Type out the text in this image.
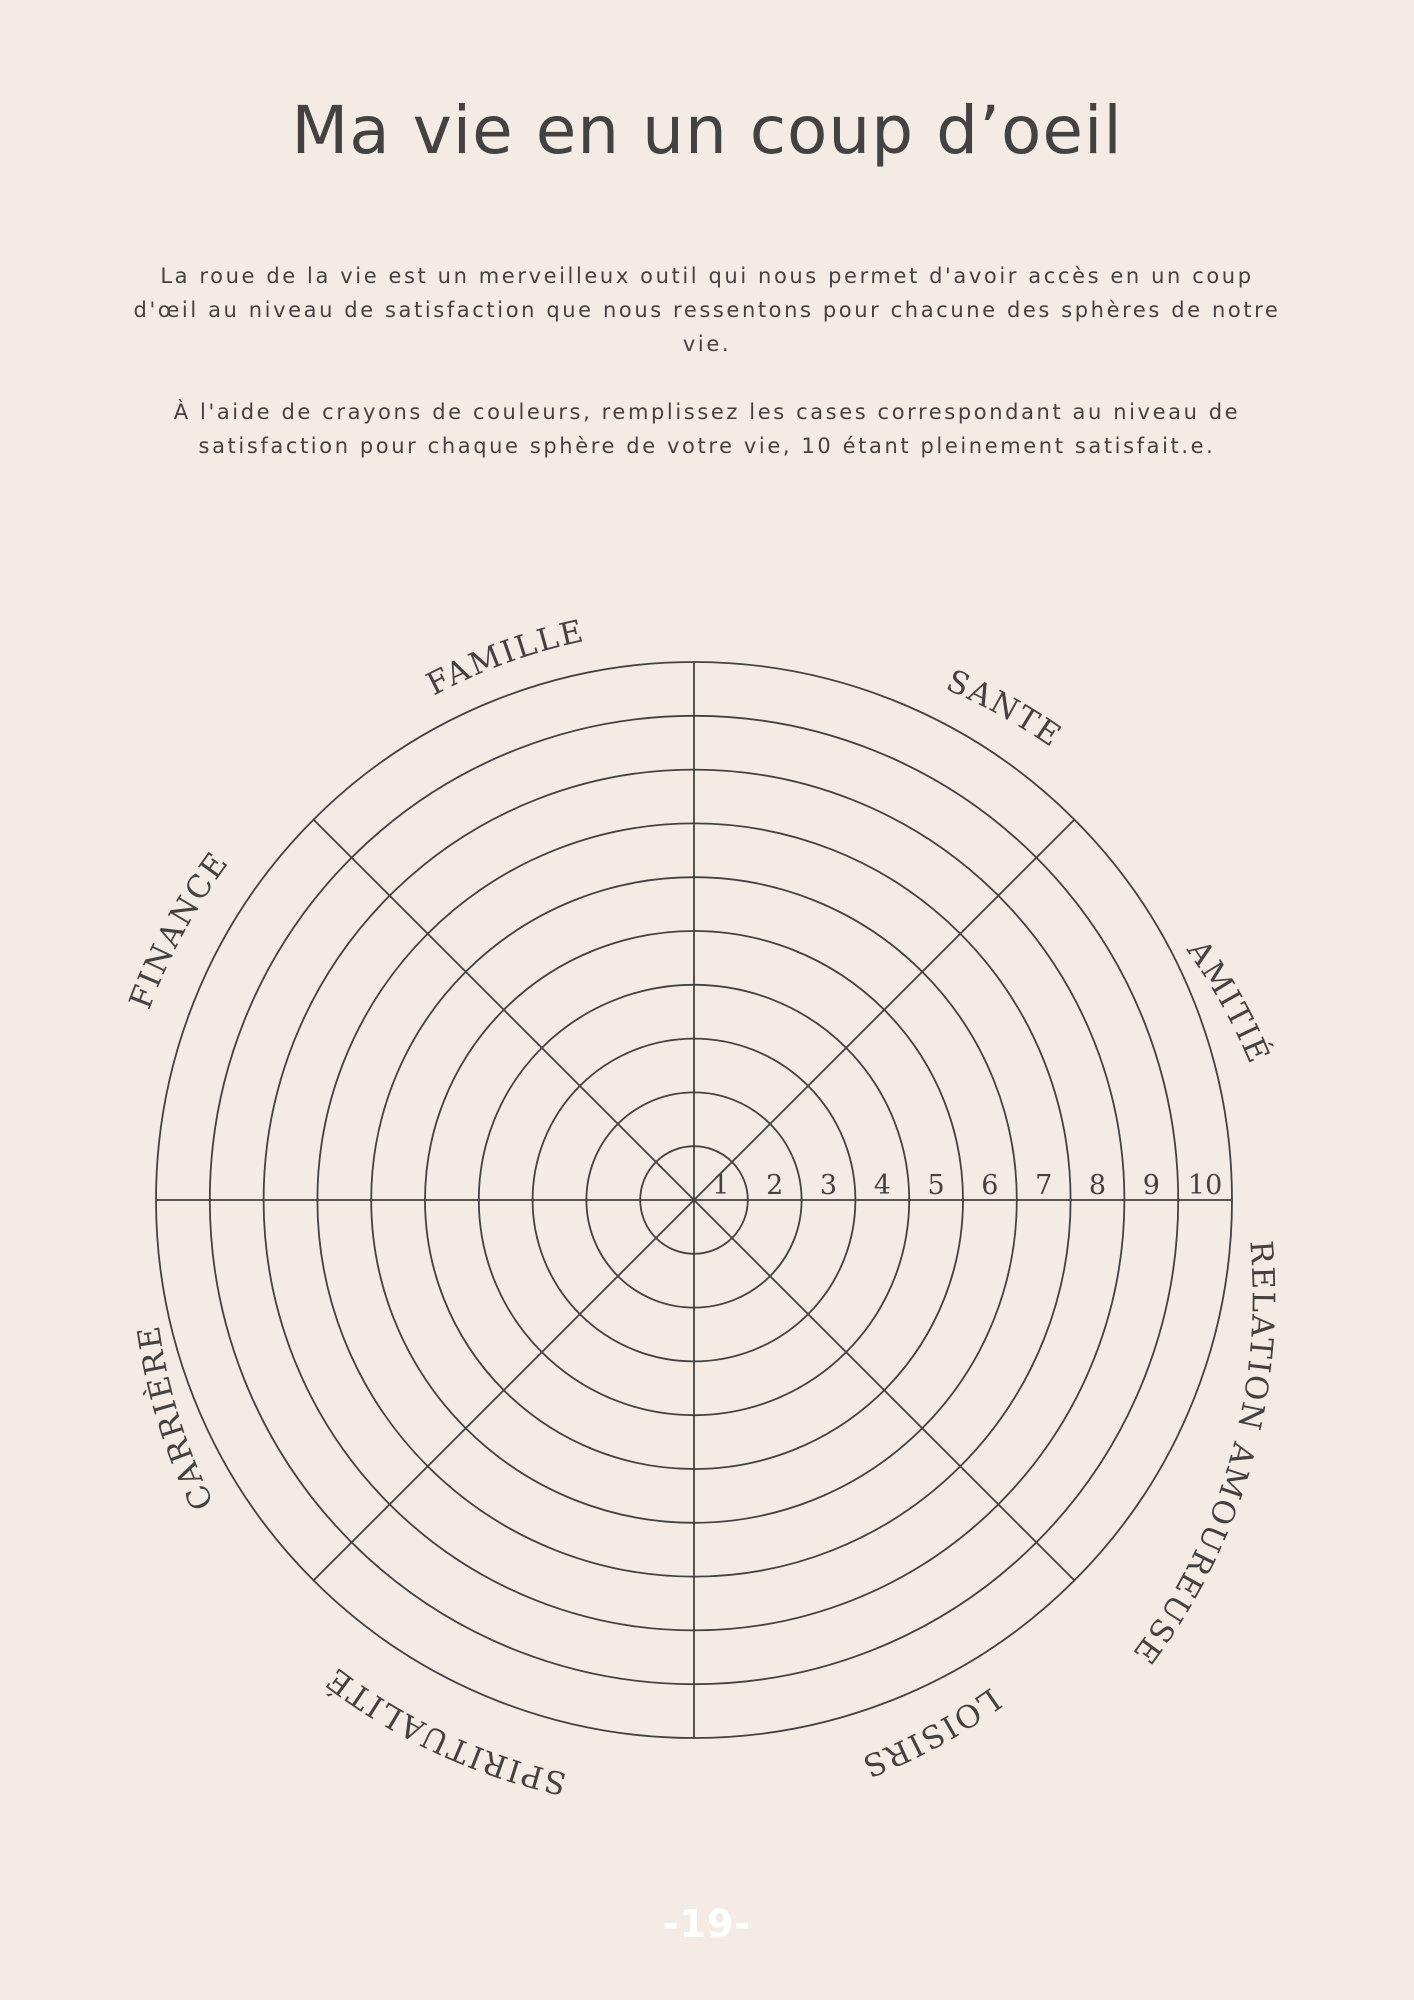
Ma vie en un coup d’oeil

La roue de la vie est un merveilleux outil qui nous permet d'avoir accès en un coup d'œil au niveau de satisfaction que nous ressentons pour chacune des sphères de notre vie.

À l'aide de crayons de couleurs, remplissez les cases correspondant au niveau de satisfaction pour chaque sphère de votre vie, 10 étant pleinement satisfait.e.

1 2 3 4 5 6 7 8 9 10
SANTE
AMITIÉ
RELATION AMOUREUSE
LOISIRS
SPIRITUALITÉ
CARRIÈRE
FINANCE
FAMILLE
-19-
